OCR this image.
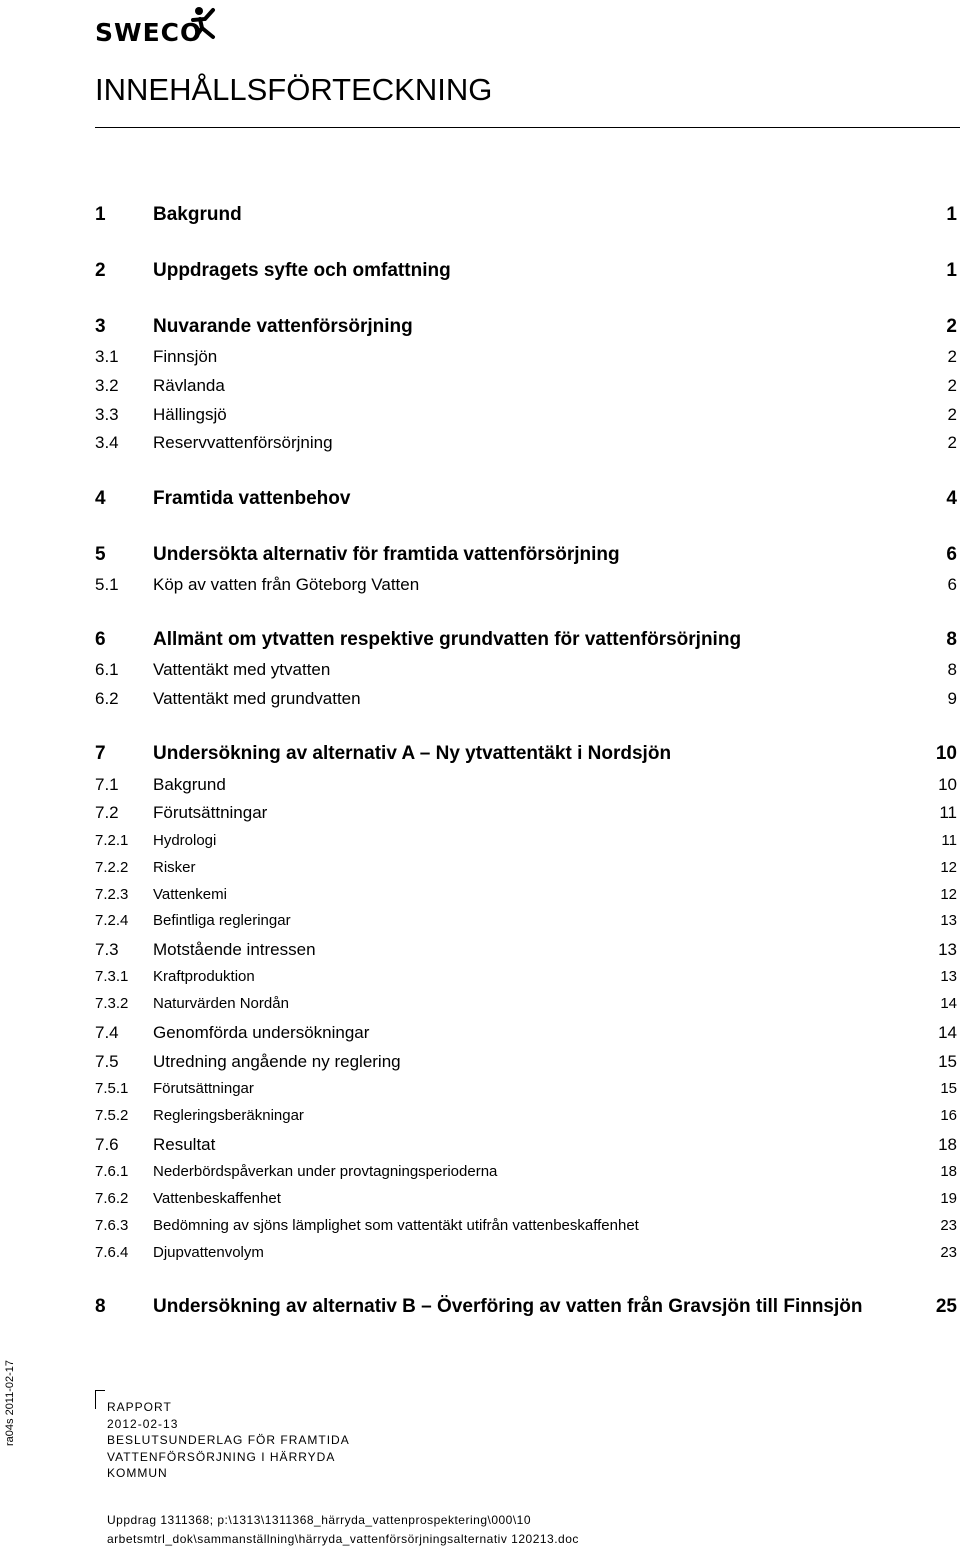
SWECO
INNEHÅLLSFÖRTECKNING
1 Bakgrund	1
2 Uppdragets syfte och omfattning	1
3 Nuvarande vattenförsörjning	2
3.1 Finnsjön	2
3.2 Rävlanda	2
3.3 Hällingsjö	2
3.4 Reservvattenförsörjning	2
4 Framtida vattenbehov	4
5 Undersökta alternativ för framtida vattenförsörjning	6
5.1 Köp av vatten från Göteborg Vatten	6
6 Allmänt om ytvatten respektive grundvatten för vattenförsörjning	8
6.1 Vattentäkt med ytvatten	8
6.2 Vattentäkt med grundvatten	9
7 Undersökning av alternativ A – Ny ytvattentäkt i Nordsjön	10
7.1 Bakgrund	10
7.2 Förutsättningar	11
7.2.1 Hydrologi	11
7.2.2 Risker	12
7.2.3 Vattenkemi	12
7.2.4 Befintliga regleringar	13
7.3 Motstående intressen	13
7.3.1 Kraftproduktion	13
7.3.2 Naturvärden Nordån	14
7.4 Genomförda undersökningar	14
7.5 Utredning angående ny reglering	15
7.5.1 Förutsättningar	15
7.5.2 Regleringsberäkningar	16
7.6 Resultat	18
7.6.1 Nederbördspåverkan under provtagningsperioderna	18
7.6.2 Vattenbeskaffenhet	19
7.6.3 Bedömning av sjöns lämplighet som vattentäkt utifrån vattenbeskaffenhet	23
7.6.4 Djupvattenvolym	23
8 Undersökning av alternativ B – Överföring av vatten från Gravsjön till Finnsjön	25
ra04s 2011-02-17	RAPPORT
2012-02-13
BESLUTSUNDERLAG FÖR FRAMTIDA
VATTENFÖRSÖRJNING I HÄRRYDA
KOMMUN
Uppdrag 1311368; p:\1313\1311368_härryda_vattenprospektering\000\10
arbetsmtrl_dok\sammanställning\härryda_vattenförsörjningsalternativ 120213.doc
